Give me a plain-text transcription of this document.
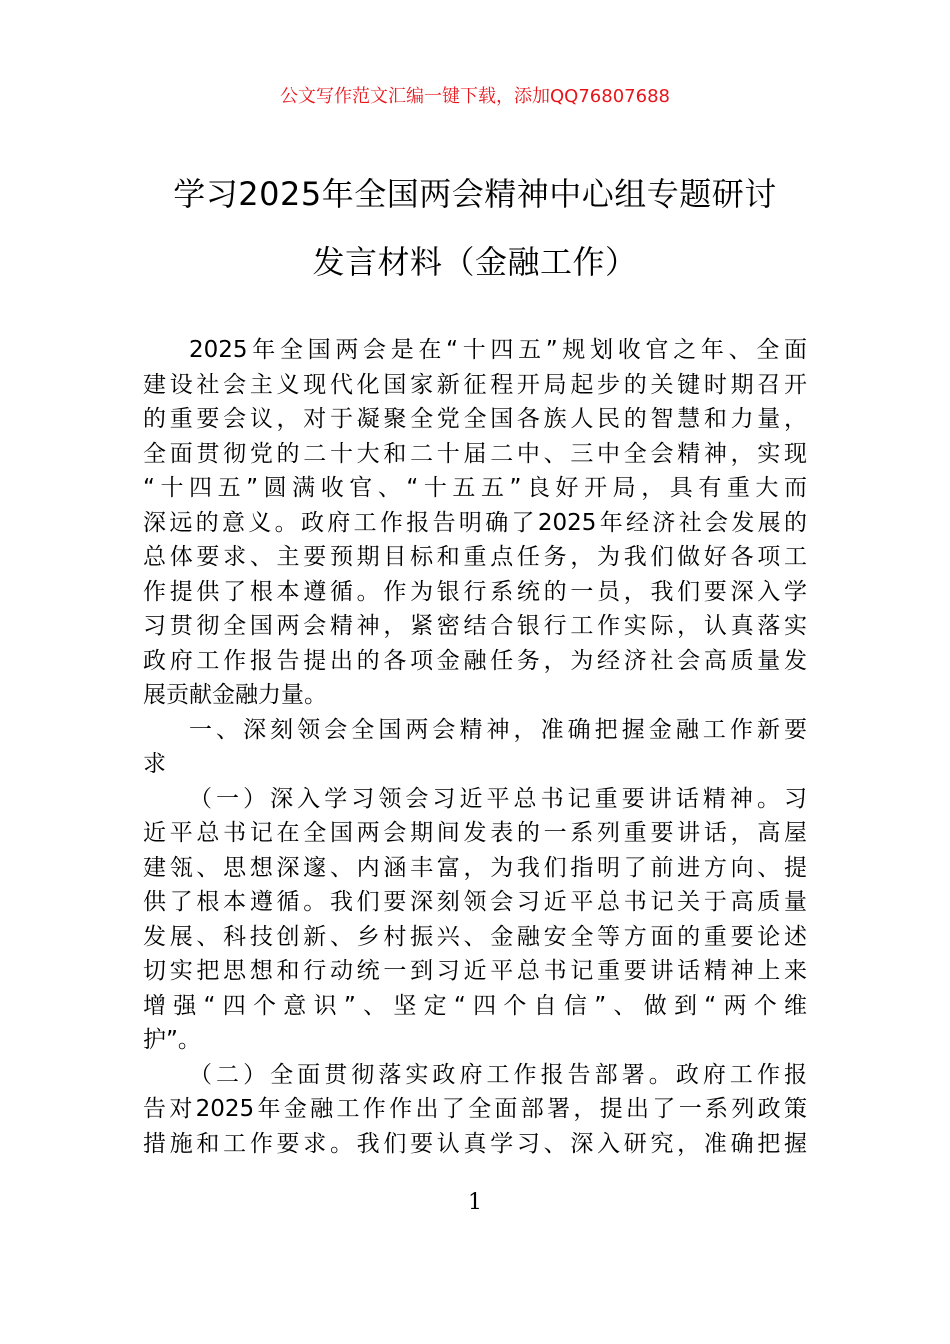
公文写作范文汇编一键下载，添加QQ76807688
学习2025年全国两会精神中心组专题研讨
发言材料（金融工作）
2025年全国两会是在“十四五”规划收官之年、全面
建设社会主义现代化国家新征程开局起步的关键时期召开
的重要会议，对于凝聚全党全国各族人民的智慧和力量，
全面贯彻党的二十大和二十届二中、三中全会精神，实现
“十四五”圆满收官、“十五五”良好开局，具有重大而
深远的意义。政府工作报告明确了2025年经济社会发展的
总体要求、主要预期目标和重点任务，为我们做好各项工
作提供了根本遵循。作为银行系统的一员，我们要深入学
习贯彻全国两会精神，紧密结合银行工作实际，认真落实
政府工作报告提出的各项金融任务，为经济社会高质量发
展贡献金融力量。
一、深刻领会全国两会精神，准确把握金融工作新要
求
（一）深入学习领会习近平总书记重要讲话精神。习
近平总书记在全国两会期间发表的一系列重要讲话，高屋
建瓴、思想深邃、内涵丰富，为我们指明了前进方向、提
供了根本遵循。我们要深刻领会习近平总书记关于高质量
发展、科技创新、乡村振兴、金融安全等方面的重要论述
切实把思想和行动统一到习近平总书记重要讲话精神上来
增强“四个意识”、坚定“四个自信”、做到“两个维
护”。
（二）全面贯彻落实政府工作报告部署。政府工作报
告对2025年金融工作作出了全面部署，提出了一系列政策
措施和工作要求。我们要认真学习、深入研究，准确把握
1
